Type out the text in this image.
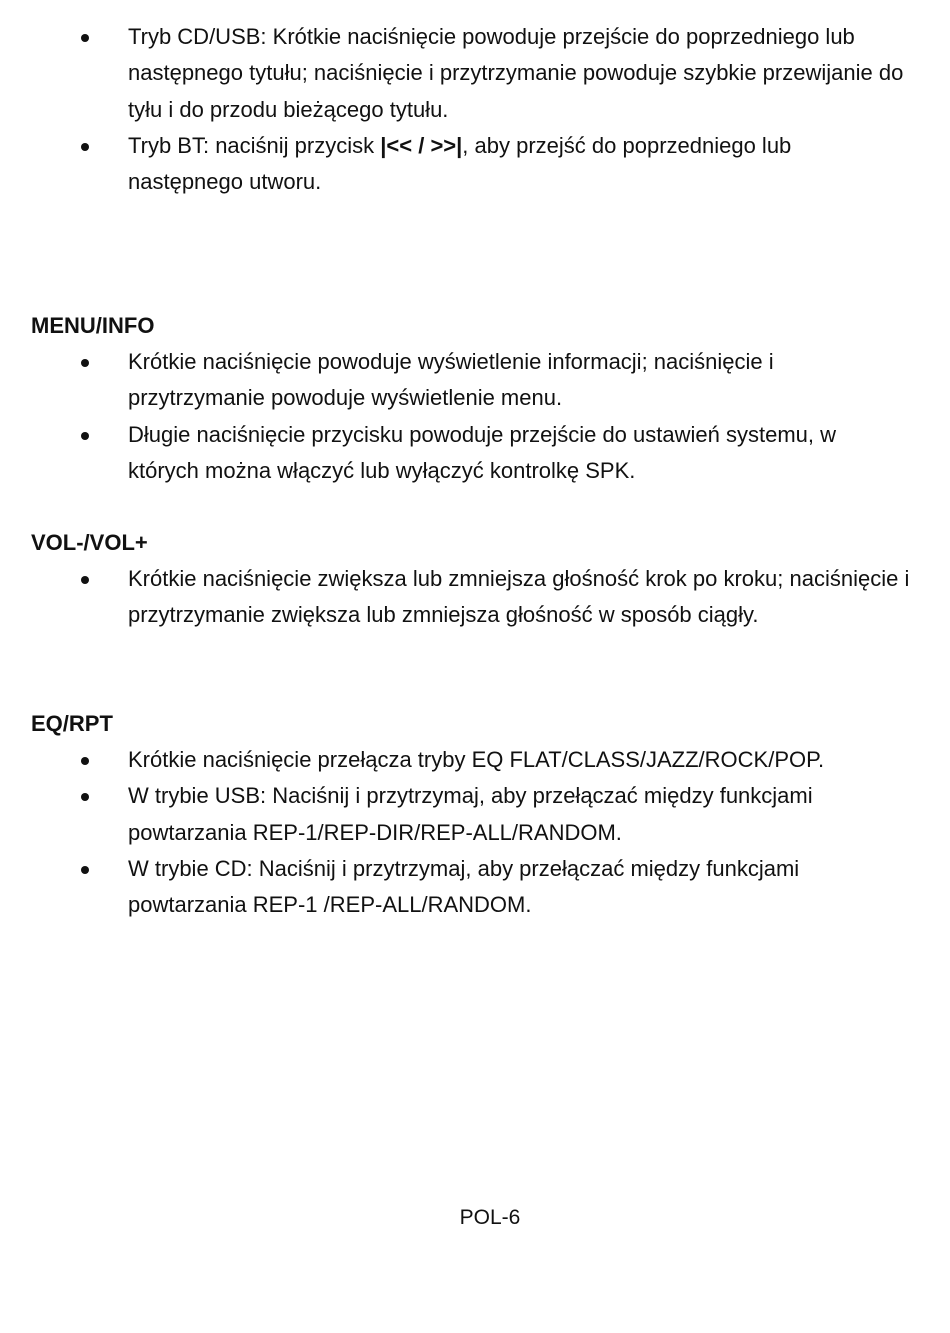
Tryb CD/USB: Krótkie naciśnięcie powoduje przejście do poprzedniego lub następnego tytułu; naciśnięcie i przytrzymanie powoduje szybkie przewijanie do tyłu i do przodu bieżącego tytułu.
Tryb BT: naciśnij przycisk |<< / >>|, aby przejść do poprzedniego lub następnego utworu.
MENU/INFO
Krótkie naciśnięcie powoduje wyświetlenie informacji; naciśnięcie i przytrzymanie powoduje wyświetlenie menu.
Długie naciśnięcie przycisku powoduje przejście do ustawień systemu, w których można włączyć lub wyłączyć kontrolkę SPK.
VOL-/VOL+
Krótkie naciśnięcie zwiększa lub zmniejsza głośność krok po kroku; naciśnięcie i przytrzymanie zwiększa lub zmniejsza głośność w sposób ciągły.
EQ/RPT
Krótkie naciśnięcie przełącza tryby EQ FLAT/CLASS/JAZZ/ROCK/POP.
W trybie USB: Naciśnij i przytrzymaj, aby przełączać między funkcjami powtarzania REP-1/REP-DIR/REP-ALL/RANDOM.
W trybie CD: Naciśnij i przytrzymaj, aby przełączać między funkcjami powtarzania REP-1 /REP-ALL/RANDOM.
POL-6
